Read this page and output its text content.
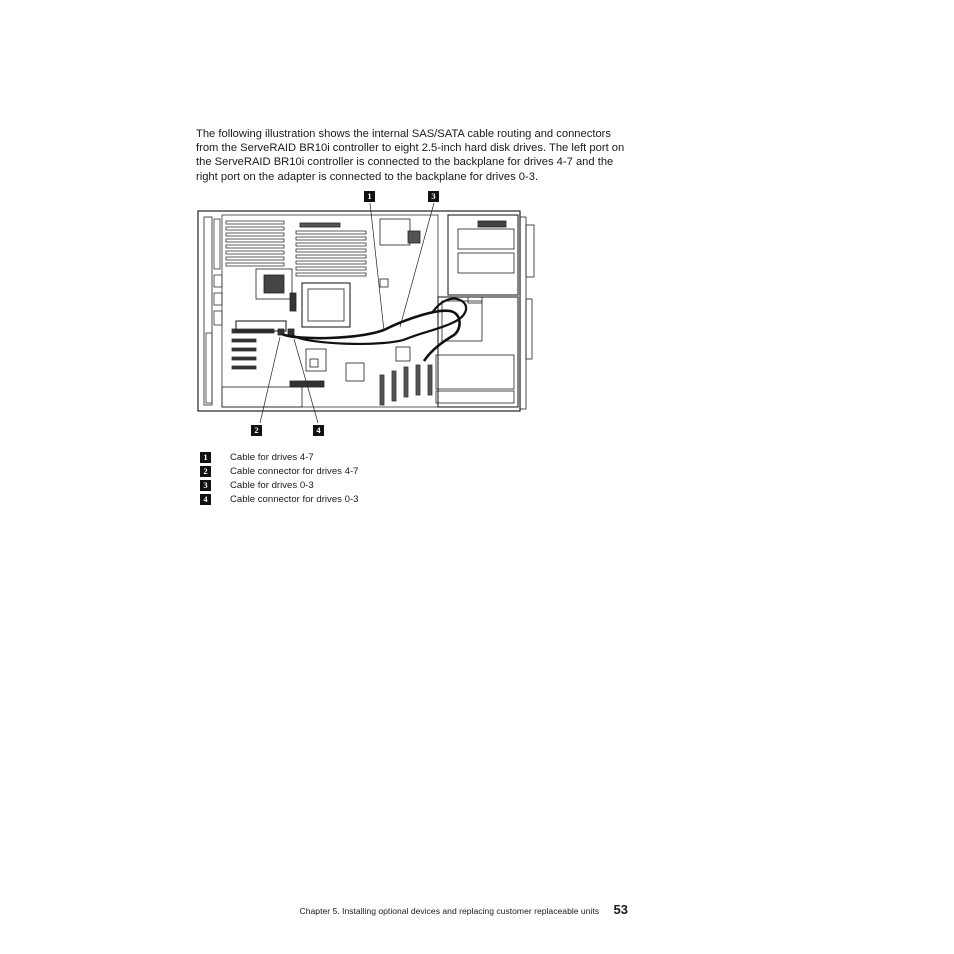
The following illustration shows the internal SAS/SATA cable routing and connectors from the ServeRAID BR10i controller to eight 2.5-inch hard disk drives. The left port on the ServeRAID BR10i controller is connected to the backplane for drives 4-7 and the right port on the adapter is connected to the backplane for drives 0-3.

1	3
2	4
1	Cable for drives 4-7
2	Cable connector for drives 4-7
3	Cable for drives 0-3
4	Cable connector for drives 0-3
Chapter 5. Installing optional devices and replacing customer replaceable units 53
